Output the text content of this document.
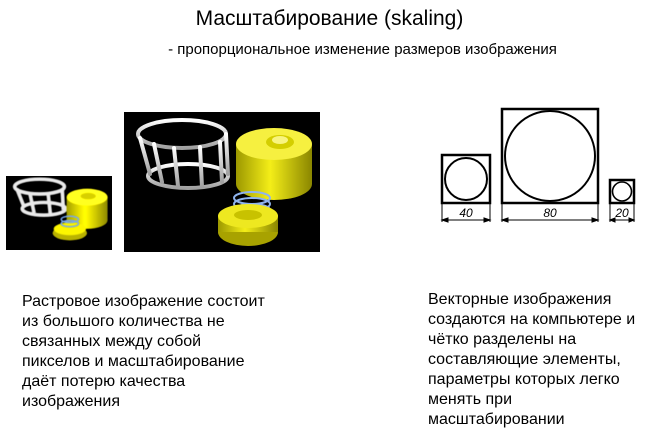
Масштабирование (skaling)
- пропорциональное изменение размеров изображения
40	80	20
Растровое изображение состоит
из большого количества не
связанных между собой
пикселов и масштабирование
даёт потерю качества
изображения
Векторные изображения
создаются на компьютере и
чётко разделены на
составляющие элементы,
параметры которых легко
менять при
масштабировании
